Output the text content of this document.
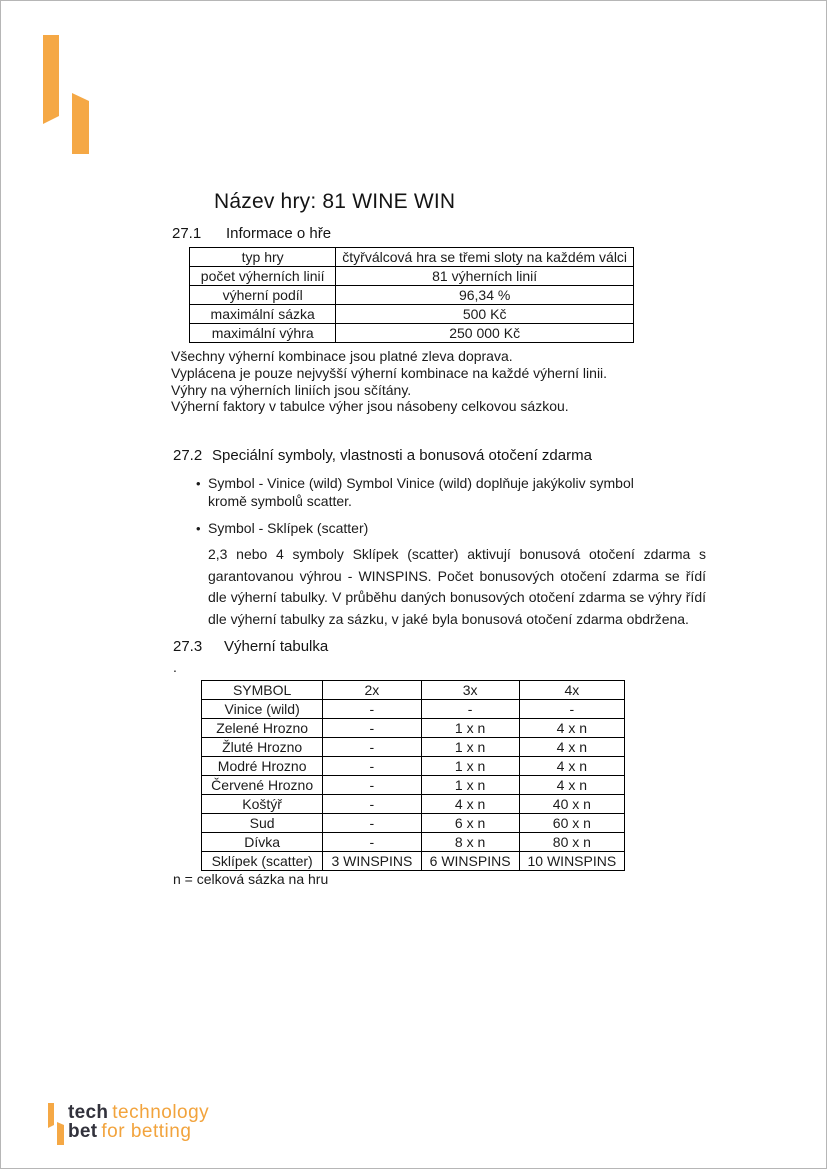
Název hry: 81 WINE WIN
27.1	Informace o hře
typ hry	čtyřválcová hra se třemi sloty na každém válci
počet výherních linií	81 výherních linií
výherní podíl	96,34 %
maximální sázka	500 Kč
maximální výhra	250 000 Kč
Všechny výherní kombinace jsou platné zleva doprava.
Vyplácena je pouze nejvyšší výherní kombinace na každé výherní linii.
Výhry na výherních liniích jsou sčítány.
Výherní faktory v tabulce výher jsou násobeny celkovou sázkou.
27.2 Speciální symboly, vlastnosti a bonusová otočení zdarma
• Symbol - Vinice (wild) Symbol Vinice (wild) doplňuje jakýkoliv symbol kromě symbolů scatter.
• Symbol - Sklípek (scatter)
2,3 nebo 4 symboly Sklípek (scatter) aktivují bonusová otočení zdarma s garantovanou výhrou - WINSPINS. Počet bonusových otočení zdarma se řídí dle výherní tabulky. V průběhu daných bonusových otočení zdarma se výhry řídí dle výherní tabulky za sázku, v jaké byla bonusová otočení zdarma obdržena.
27.3	Výherní tabulka
.
SYMBOL	2x	3x	4x
Vinice (wild)	-	-	-
Zelené Hrozno	-	1 x n	4 x n
Žluté Hrozno	-	1 x n	4 x n
Modré Hrozno	-	1 x n	4 x n
Červené Hrozno	-	1 x n	4 x n
Koštýř	-	4 x n	40 x n
Sud	-	6 x n	60 x n
Dívka	-	8 x n	80 x n
Sklípek (scatter)	3 WINSPINS	6 WINSPINS	10 WINSPINS
n = celková sázka na hru
tech technology
bet for betting
